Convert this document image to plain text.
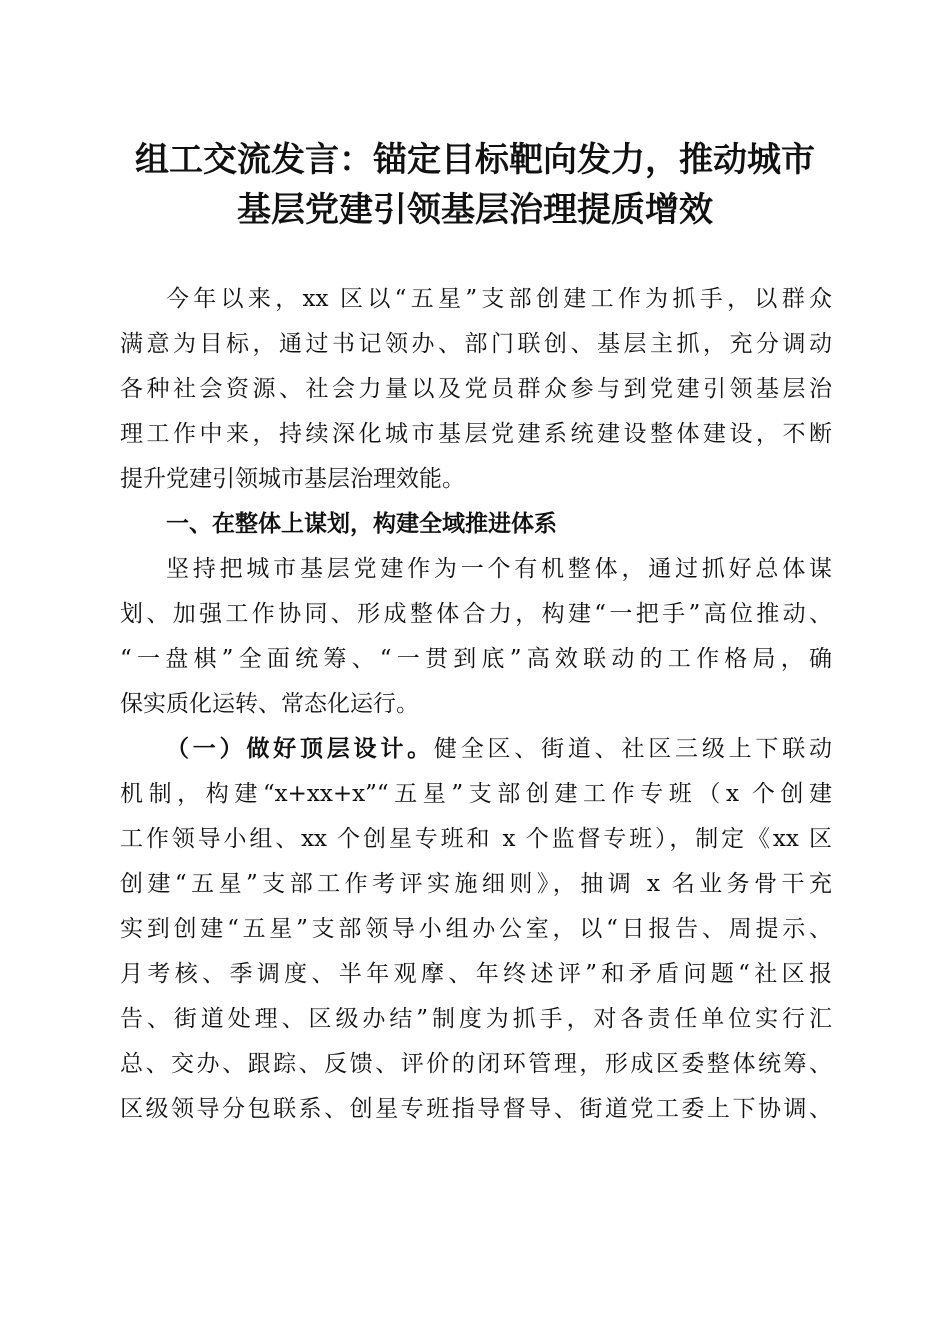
组工交流发言：锚定目标靶向发力，推动城市
基层党建引领基层治理提质增效
今年以来，xx 区以“五星”支部创建工作为抓手，以群众
满意为目标，通过书记领办、部门联创、基层主抓，充分调动
各种社会资源、社会力量以及党员群众参与到党建引领基层治
理工作中来，持续深化城市基层党建系统建设整体建设，不断
提升党建引领城市基层治理效能。
一、在整体上谋划，构建全域推进体系
坚持把城市基层党建作为一个有机整体，通过抓好总体谋
划、加强工作协同、形成整体合力，构建“一把手”高位推动、
“一盘棋”全面统筹、“一贯到底”高效联动的工作格局，确
保实质化运转、常态化运行。
（一）做好顶层设计。健全区、街道、社区三级上下联动
机制，构建“x+xx+x”“五星”支部创建工作专班（x 个创建
工作领导小组、xx 个创星专班和 x 个监督专班），制定《xx 区
创建“五星”支部工作考评实施细则》，抽调 x 名业务骨干充
实到创建“五星”支部领导小组办公室，以“日报告、周提示、
月考核、季调度、半年观摩、年终述评”和矛盾问题“社区报
告、街道处理、区级办结”制度为抓手，对各责任单位实行汇
总、交办、跟踪、反馈、评价的闭环管理，形成区委整体统筹、
区级领导分包联系、创星专班指导督导、街道党工委上下协调、
